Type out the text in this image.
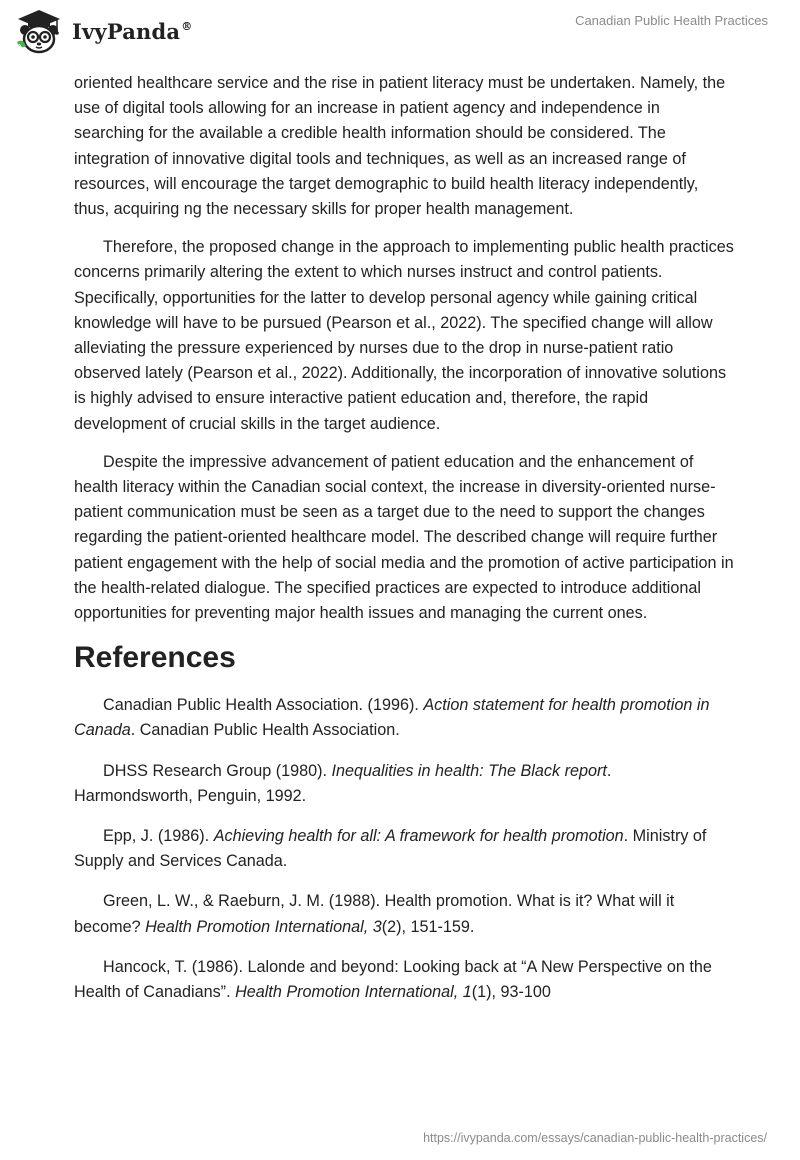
IvyPanda®	Canadian Public Health Practices

oriented healthcare service and the rise in patient literacy must be undertaken. Namely, the use of digital tools allowing for an increase in patient agency and independence in searching for the available a credible health information should be considered. The integration of innovative digital tools and techniques, as well as an increased range of resources, will encourage the target demographic to build health literacy independently, thus, acquiring ng the necessary skills for proper health management.

Therefore, the proposed change in the approach to implementing public health practices concerns primarily altering the extent to which nurses instruct and control patients. Specifically, opportunities for the latter to develop personal agency while gaining critical knowledge will have to be pursued (Pearson et al., 2022). The specified change will allow alleviating the pressure experienced by nurses due to the drop in nurse-patient ratio observed lately (Pearson et al., 2022). Additionally, the incorporation of innovative solutions is highly advised to ensure interactive patient education and, therefore, the rapid development of crucial skills in the target audience.

Despite the impressive advancement of patient education and the enhancement of health literacy within the Canadian social context, the increase in diversity-oriented nurse-patient communication must be seen as a target due to the need to support the changes regarding the patient-oriented healthcare model. The described change will require further patient engagement with the help of social media and the promotion of active participation in the health-related dialogue. The specified practices are expected to introduce additional opportunities for preventing major health issues and managing the current ones.

References

Canadian Public Health Association. (1996). Action statement for health promotion in Canada. Canadian Public Health Association.

DHSS Research Group (1980). Inequalities in health: The Black report. Harmondsworth, Penguin, 1992.

Epp, J. (1986). Achieving health for all: A framework for health promotion. Ministry of Supply and Services Canada.

Green, L. W., & Raeburn, J. M. (1988). Health promotion. What is it? What will it become? Health Promotion International, 3(2), 151-159.

Hancock, T. (1986). Lalonde and beyond: Looking back at “A New Perspective on the Health of Canadians”. Health Promotion International, 1(1), 93-100

https://ivypanda.com/essays/canadian-public-health-practices/
